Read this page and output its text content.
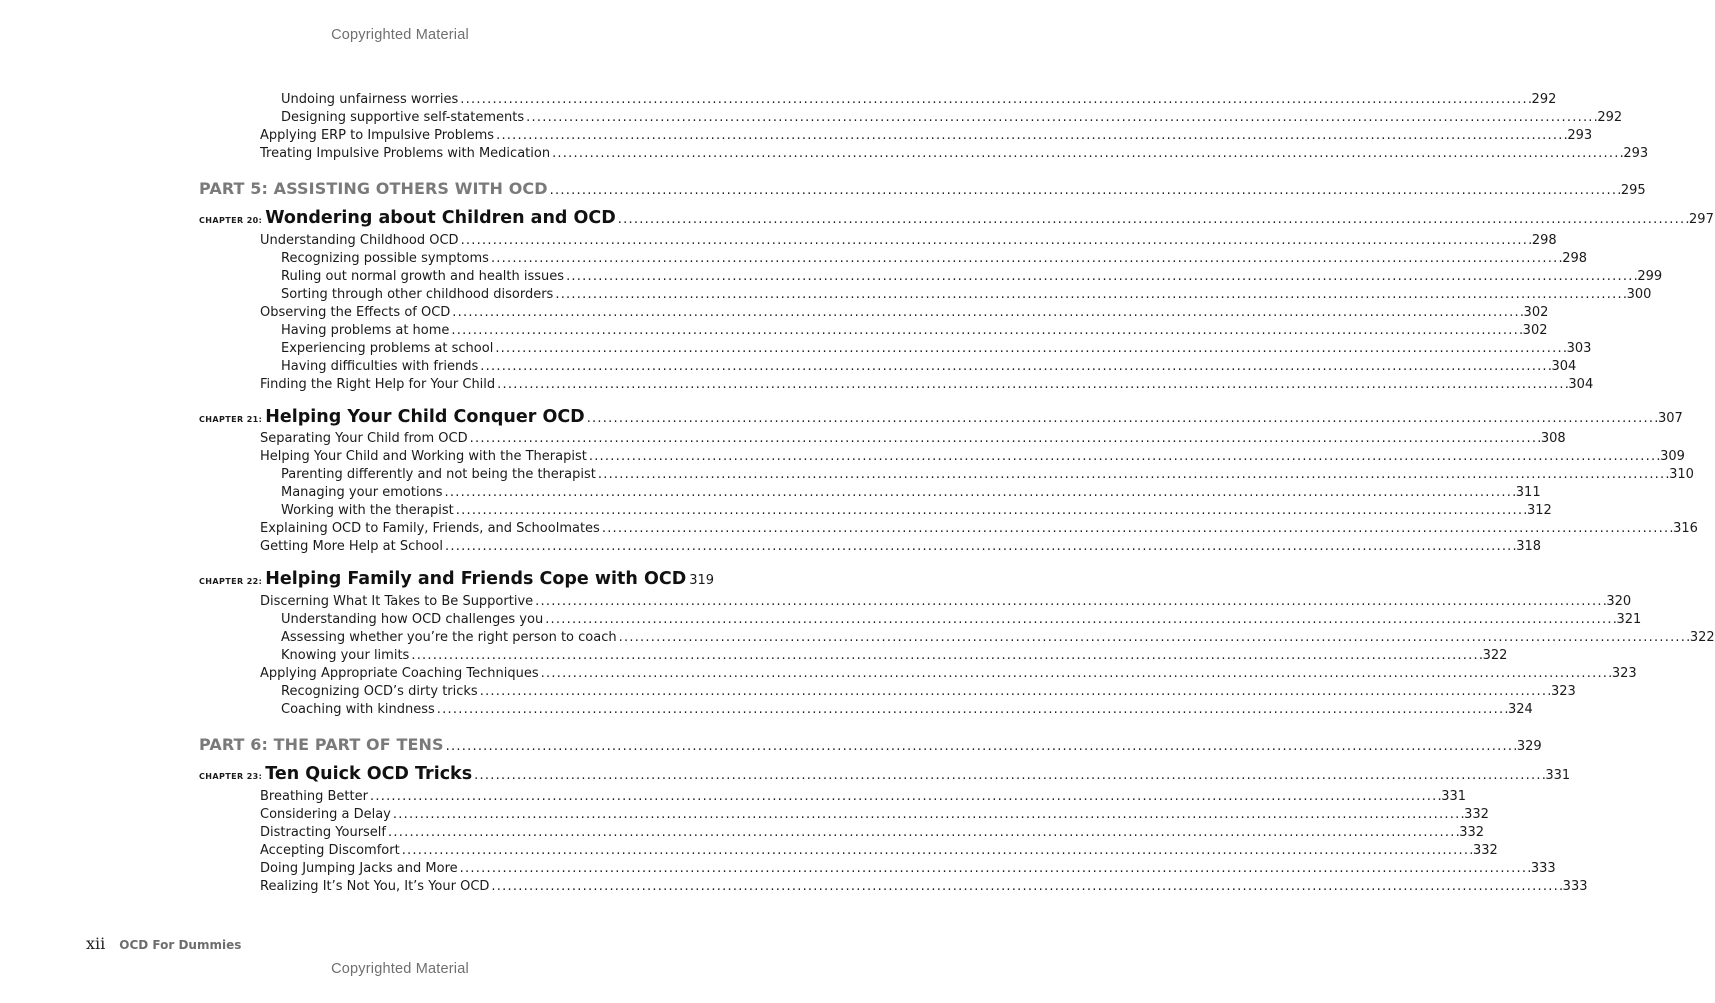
Copyrighted Material
Undoing unfairness worries . . .	292
Designing supportive self-statements . . .	292
Applying ERP to Impulsive Problems . . .	293
Treating Impulsive Problems with Medication . . .	293
PART 5: ASSISTING OTHERS WITH OCD . . .	295
CHAPTER 20: Wondering about Children and OCD . . .	297
Understanding Childhood OCD . . .	298
Recognizing possible symptoms . . .	298
Ruling out normal growth and health issues . . .	299
Sorting through other childhood disorders . . .	300
Observing the Effects of OCD . . .	302
Having problems at home . . .	302
Experiencing problems at school . . .	303
Having difficulties with friends . . .	304
Finding the Right Help for Your Child . . .	304
CHAPTER 21: Helping Your Child Conquer OCD . . .	307
Separating Your Child from OCD . . .	308
Helping Your Child and Working with the Therapist . . .	309
Parenting differently and not being the therapist . . .	310
Managing your emotions . . .	311
Working with the therapist . . .	312
Explaining OCD to Family, Friends, and Schoolmates . . .	316
Getting More Help at School . . .	318
CHAPTER 22: Helping Family and Friends Cope with OCD 319
Discerning What It Takes to Be Supportive . . .	320
Understanding how OCD challenges you . . .	321
Assessing whether you’re the right person to coach . . .	322
Knowing your limits . . .	322
Applying Appropriate Coaching Techniques . . .	323
Recognizing OCD’s dirty tricks . . .	323
Coaching with kindness . . .	324
PART 6: THE PART OF TENS . . .	329
CHAPTER 23: Ten Quick OCD Tricks . . .	331
Breathing Better . . .	331
Considering a Delay . . .	332
Distracting Yourself . . .	332
Accepting Discomfort . . .	332
Doing Jumping Jacks and More . . .	333
Realizing It’s Not You, It’s Your OCD . . .	333
xii OCD For Dummies
Copyrighted Material
